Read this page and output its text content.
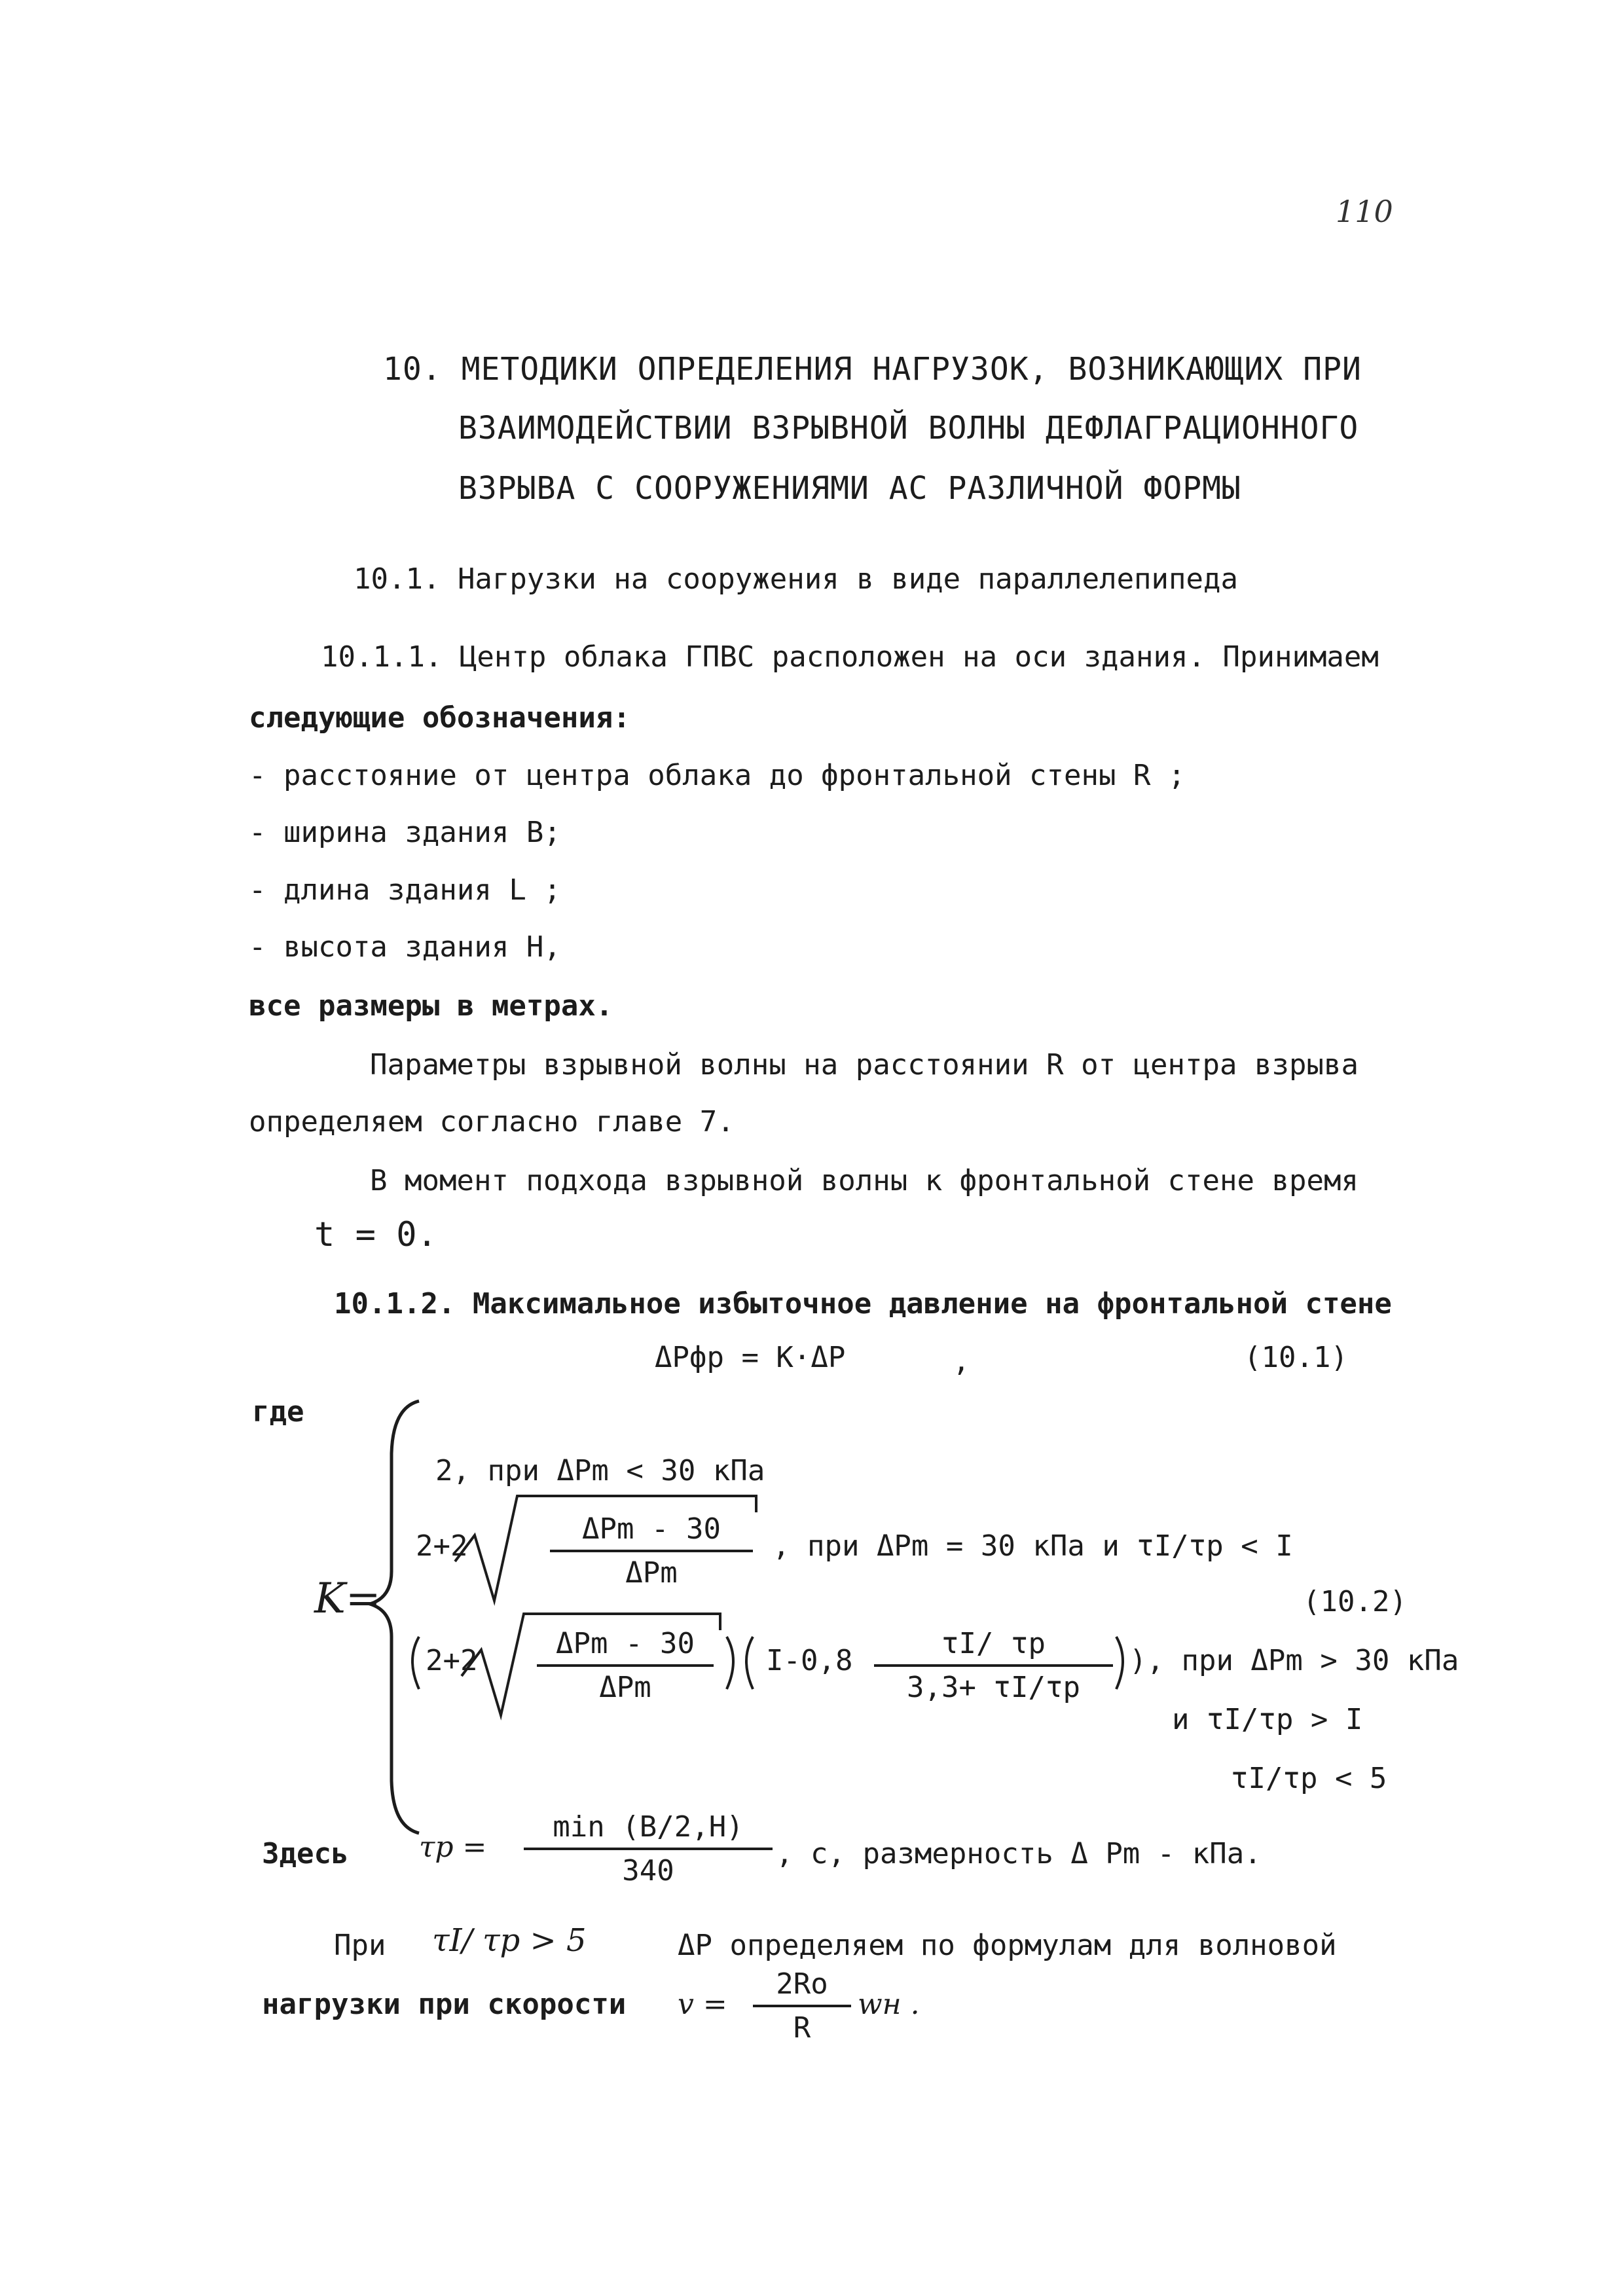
110
10. МЕТОДИКИ ОПРЕДЕЛЕНИЯ НАГРУЗОК, ВОЗНИКАЮЩИХ ПРИ
ВЗАИМОДЕЙСТВИИ ВЗРЫВНОЙ ВОЛНЫ ДЕФЛАГРАЦИОННОГО
ВЗРЫВА С СООРУЖЕНИЯМИ АС РАЗЛИЧНОЙ ФОРМЫ
10.1. Нагрузки на сооружения в виде параллелепипеда
10.1.1. Центр облака ГПВС расположен на оси здания. Принимаем
следующие обозначения:
- расстояние от центра облака до фронтальной стены R ;
- ширина здания B;
- длина здания L ;
- высота здания H,
все размеры в метрах.
Параметры взрывной волны на расстоянии R от центра взрыва
определяем согласно главе 7.
В момент подхода взрывной волны к фронтальной стене время
t = 0.
10.1.2. Максимальное избыточное давление на фронтальной стене
ΔPфр = K·ΔP	,	(10.1)
где
K=
2, при ΔPm < 30 кПа
2+2
ΔPm - 30
ΔPm
, при ΔPm = 30 кПа и τI/τp < I
(10.2)
2+2
ΔPm - 30
ΔPm
I-0,8
τI/ τp
3,3+ τI/τp
), при ΔPm > 30 кПа
и τI/τp > I
τI/τp < 5
Здесь τp =
min (B/2,H)
340
, с, размерность Δ Pm - кПа.
При τI/ τp > 5	ΔP определяем по формулам для волновой
нагрузки при скорости v =
2Ro
R
wн .
